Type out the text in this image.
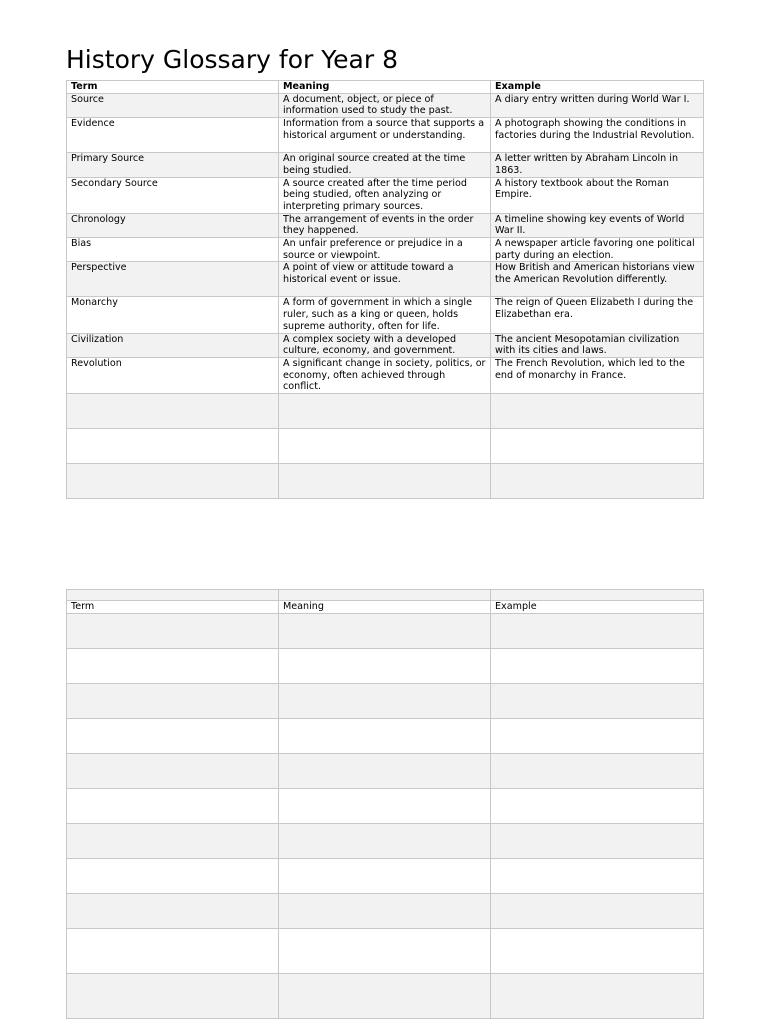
History Glossary for Year 8
Term	Meaning	Example
Source	A document, object, or piece of information used to study the past.	A diary entry written during World War I.
Evidence	Information from a source that supports a historical argument or understanding.	A photograph showing the conditions in factories during the Industrial Revolution.
Primary Source	An original source created at the time being studied.	A letter written by Abraham Lincoln in 1863.
Secondary Source	A source created after the time period being studied, often analyzing or interpreting primary sources.	A history textbook about the Roman Empire.
Chronology	The arrangement of events in the order they happened.	A timeline showing key events of World War II.
Bias	An unfair preference or prejudice in a source or viewpoint.	A newspaper article favoring one political party during an election.
Perspective	A point of view or attitude toward a historical event or issue.	How British and American historians view the American Revolution differently.
Monarchy	A form of government in which a single ruler, such as a king or queen, holds supreme authority, often for life.	The reign of Queen Elizabeth I during the Elizabethan era.
Civilization	A complex society with a developed culture, economy, and government.	The ancient Mesopotamian civilization with its cities and laws.
Revolution	A significant change in society, politics, or economy, often achieved through conflict.	The French Revolution, which led to the end of monarchy in France.

Term	Meaning	Example
